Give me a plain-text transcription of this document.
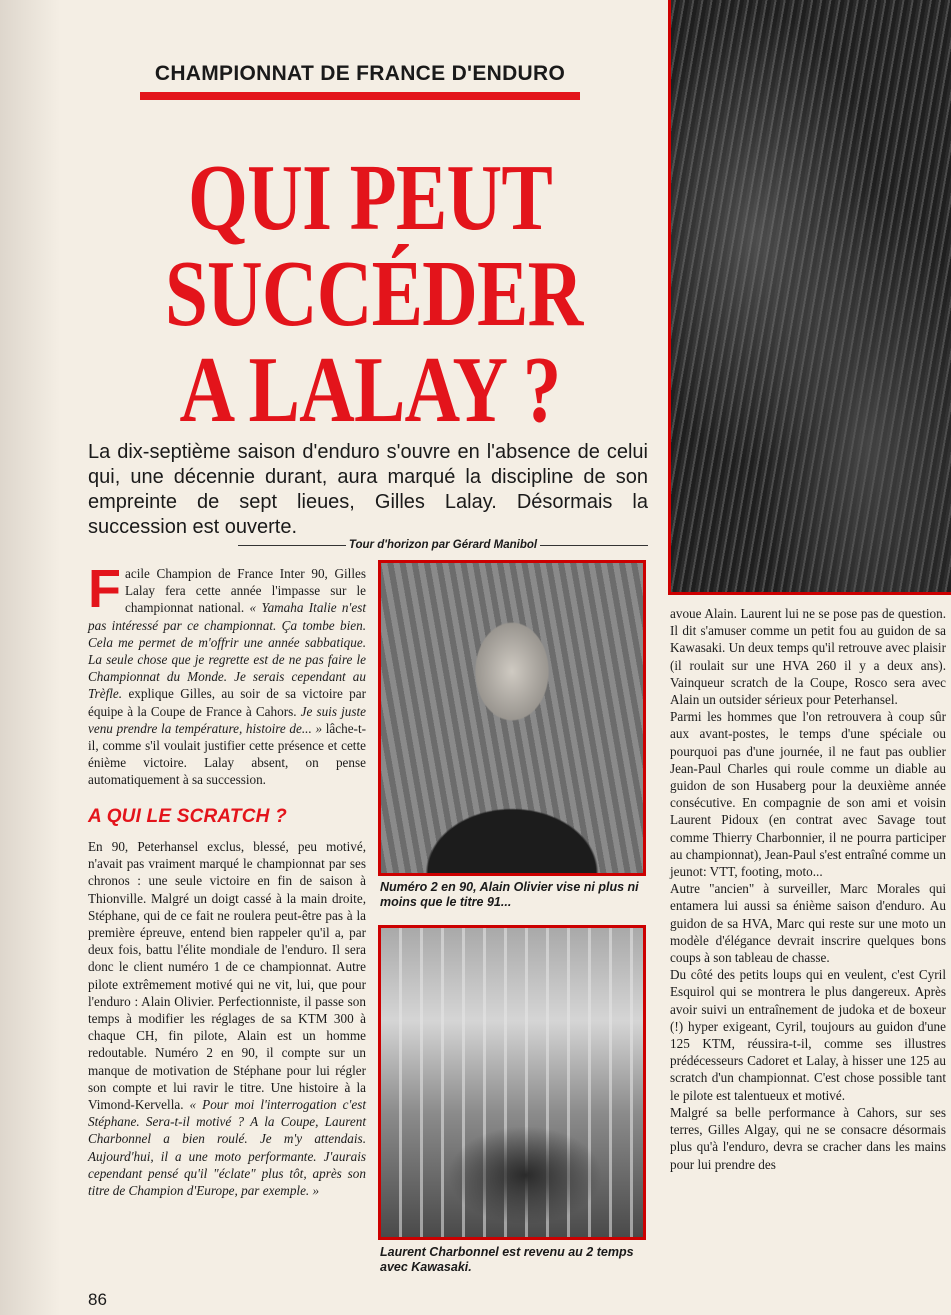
CHAMPIONNAT DE FRANCE D'ENDURO
QUI PEUT
SUCCÉDER
A LALAY ?
La dix-septième saison d'enduro s'ouvre en l'absence de celui qui, une décennie durant, aura marqué la discipline de son empreinte de sept lieues, Gilles Lalay. Désormais la succession est ouverte.
Tour d'horizon par Gérard Manibol
Facile Champion de France Inter 90, Gilles Lalay fera cette année l'impasse sur le championnat national. « Yamaha Italie n'est pas intéressé par ce championnat. Ça tombe bien. Cela me permet de m'offrir une année sabbatique. La seule chose que je regrette est de ne pas faire le Championnat du Monde. Je serais cependant au Trèfle. explique Gilles, au soir de sa victoire par équipe à la Coupe de France à Cahors. Je suis juste venu prendre la température, histoire de... » lâche-t-il, comme s'il voulait justifier cette présence et cette énième victoire. Lalay absent, on pense automatiquement à sa succession.
A QUI LE SCRATCH ?
En 90, Peterhansel exclus, blessé, peu motivé, n'avait pas vraiment marqué le championnat par ses chronos : une seule victoire en fin de saison à Thionville. Malgré un doigt cassé à la main droite, Stéphane, qui de ce fait ne roulera peut-être pas à la première épreuve, entend bien rappeler qu'il a, par deux fois, battu l'élite mondiale de l'enduro. Il sera donc le client numéro 1 de ce championnat. Autre pilote extrêmement motivé qui ne vit, lui, que pour l'enduro : Alain Olivier. Perfectionniste, il passe son temps à modifier les réglages de sa KTM 300 à chaque CH, fin pilote, Alain est un homme redoutable. Numéro 2 en 90, il compte sur un manque de motivation de Stéphane pour lui régler son compte et lui ravir le titre. Une histoire à la Vimond-Kervella. « Pour moi l'interrogation c'est Stéphane. Sera-t-il motivé ? A la Coupe, Laurent Charbonnel a bien roulé. Je m'y attendais. Aujourd'hui, il a une moto performante. J'aurais cependant pensé qu'il "éclate" plus tôt, après son titre de Champion d'Europe, par exemple. »
Numéro 2 en 90, Alain Olivier vise ni plus ni moins que le titre 91...
Laurent Charbonnel est revenu au 2 temps avec Kawasaki.
avoue Alain. Laurent lui ne se pose pas de question. Il dit s'amuser comme un petit fou au guidon de sa Kawasaki. Un deux temps qu'il retrouve avec plaisir (il roulait sur une HVA 260 il y a deux ans). Vainqueur scratch de la Coupe, Rosco sera avec Alain un outsider sérieux pour Peterhansel.
Parmi les hommes que l'on retrouvera à coup sûr aux avant-postes, le temps d'une spéciale ou pourquoi pas d'une journée, il ne faut pas oublier Jean-Paul Charles qui roule comme un diable au guidon de son Husaberg pour la deuxième année consécutive. En compagnie de son ami et voisin Laurent Pidoux (en contrat avec Savage tout comme Thierry Charbonnier, il ne pourra participer au championnat), Jean-Paul s'est entraîné comme un jeunot: VTT, footing, moto...
Autre "ancien" à surveiller, Marc Morales qui entamera lui aussi sa énième saison d'enduro. Au guidon de sa HVA, Marc qui reste sur une moto un modèle d'élégance devrait inscrire quelques bons coups à son tableau de chasse.
Du côté des petits loups qui en veulent, c'est Cyril Esquirol qui se montrera le plus dangereux. Après avoir suivi un entraînement de judoka et de boxeur (!) hyper exigeant, Cyril, toujours au guidon d'une 125 KTM, réussira-t-il, comme ses illustres prédécesseurs Cadoret et Lalay, à hisser une 125 au scratch d'un championnat. C'est chose possible tant le pilote est talentueux et motivé.
Malgré sa belle performance à Cahors, sur ses terres, Gilles Algay, qui ne se consacre désormais plus qu'à l'enduro, devra se cracher dans les mains pour lui prendre des
86
